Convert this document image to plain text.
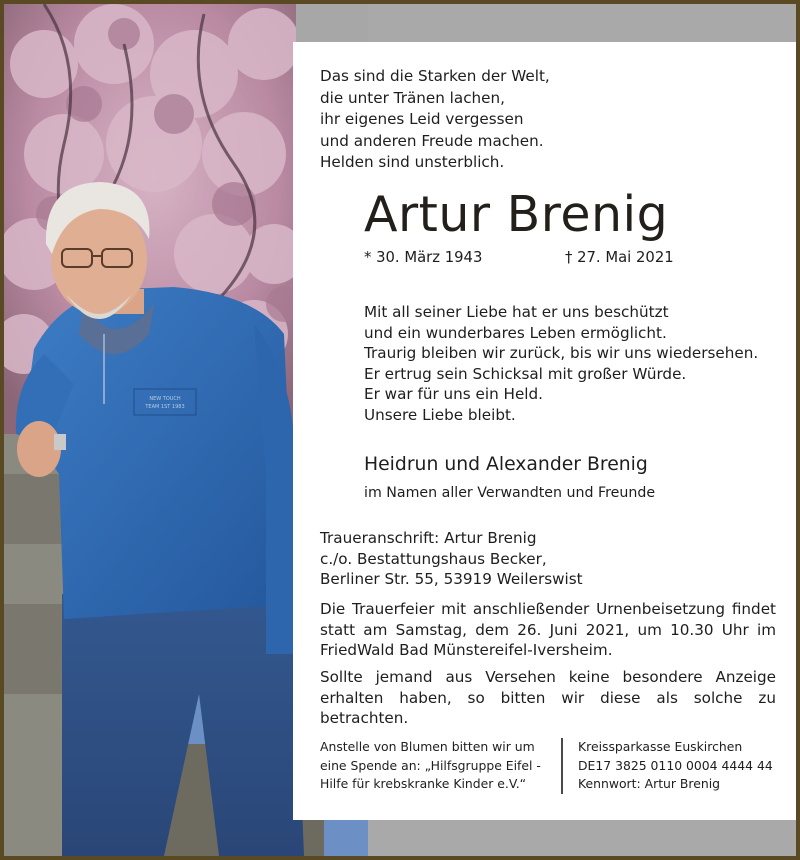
NEW TOUCH
TEAM 1ST 1983
Das sind die Starken der Welt,
die unter Tränen lachen,
ihr eigenes Leid vergessen
und anderen Freude machen.
Helden sind unsterblich.
Artur Brenig
* 30. März 1943	† 27. Mai 2021
Mit all seiner Liebe hat er uns beschützt
und ein wunderbares Leben ermöglicht.
Traurig bleiben wir zurück, bis wir uns wiedersehen.
Er ertrug sein Schicksal mit großer Würde.
Er war für uns ein Held.
Unsere Liebe bleibt.
Heidrun und Alexander Brenig
im Namen aller Verwandten und Freunde
Traueranschrift: Artur Brenig
c./o. Bestattungshaus Becker,
Berliner Str. 55, 53919 Weilerswist
Die Trauerfeier mit anschließender Urnenbeisetzung findet statt am Samstag, dem 26. Juni 2021, um 10.30 Uhr im FriedWald Bad Münstereifel-Iversheim.
Sollte jemand aus Versehen keine besondere Anzeige erhalten haben, so bitten wir diese als solche zu betrachten.
Anstelle von Blumen bitten wir um
eine Spende an: „Hilfsgruppe Eifel -
Hilfe für krebskranke Kinder e.V.“
Kreissparkasse Euskirchen
DE17 3825 0110 0004 4444 44
Kennwort: Artur Brenig
